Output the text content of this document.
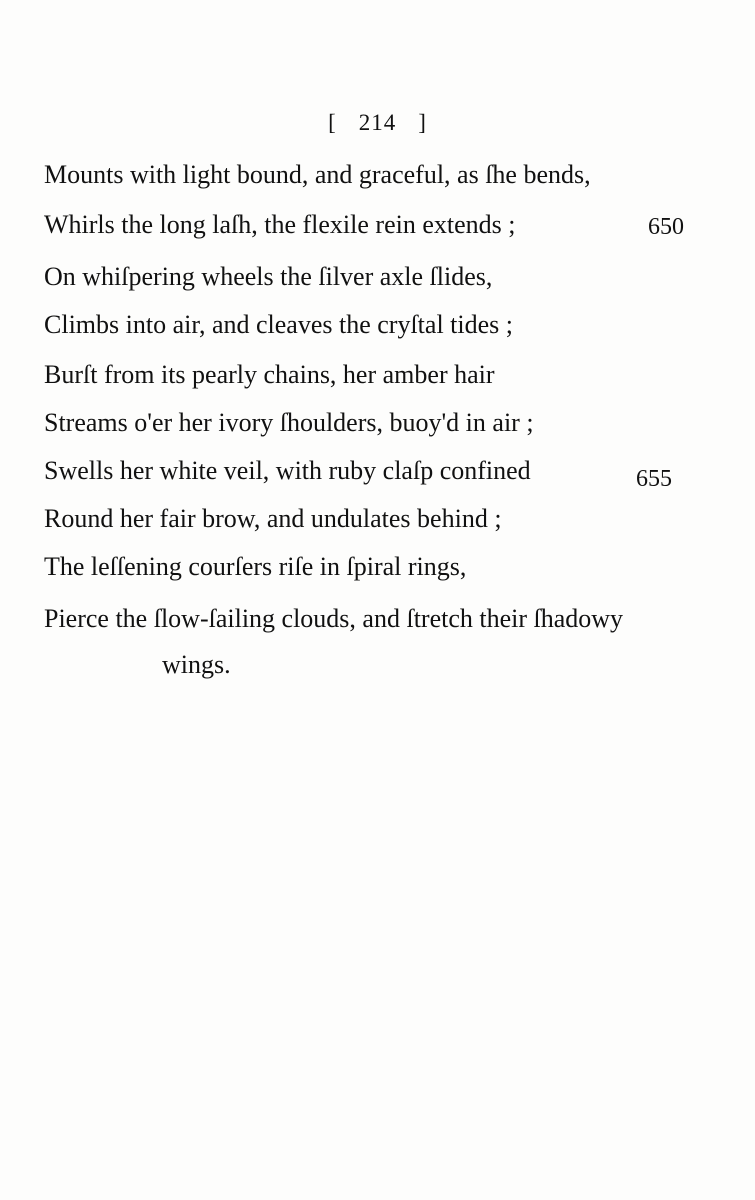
[ 214 ]
Mounts with light bound, and graceful, as ſhe bends,
Whirls the long laſh, the flexile rein extends ;	650
On whiſpering wheels the ſilver axle ſlides,
Climbs into air, and cleaves the cryſtal tides ;
Burſt from its pearly chains, her amber hair
Streams o'er her ivory ſhoulders, buoy'd in air ;
Swells her white veil, with ruby claſp confined	655
Round her fair brow, and undulates behind ;
The leſſening courſers riſe in ſpiral rings,
Pierce the ſlow-ſailing clouds, and ſtretch their ſhadowy
wings.
